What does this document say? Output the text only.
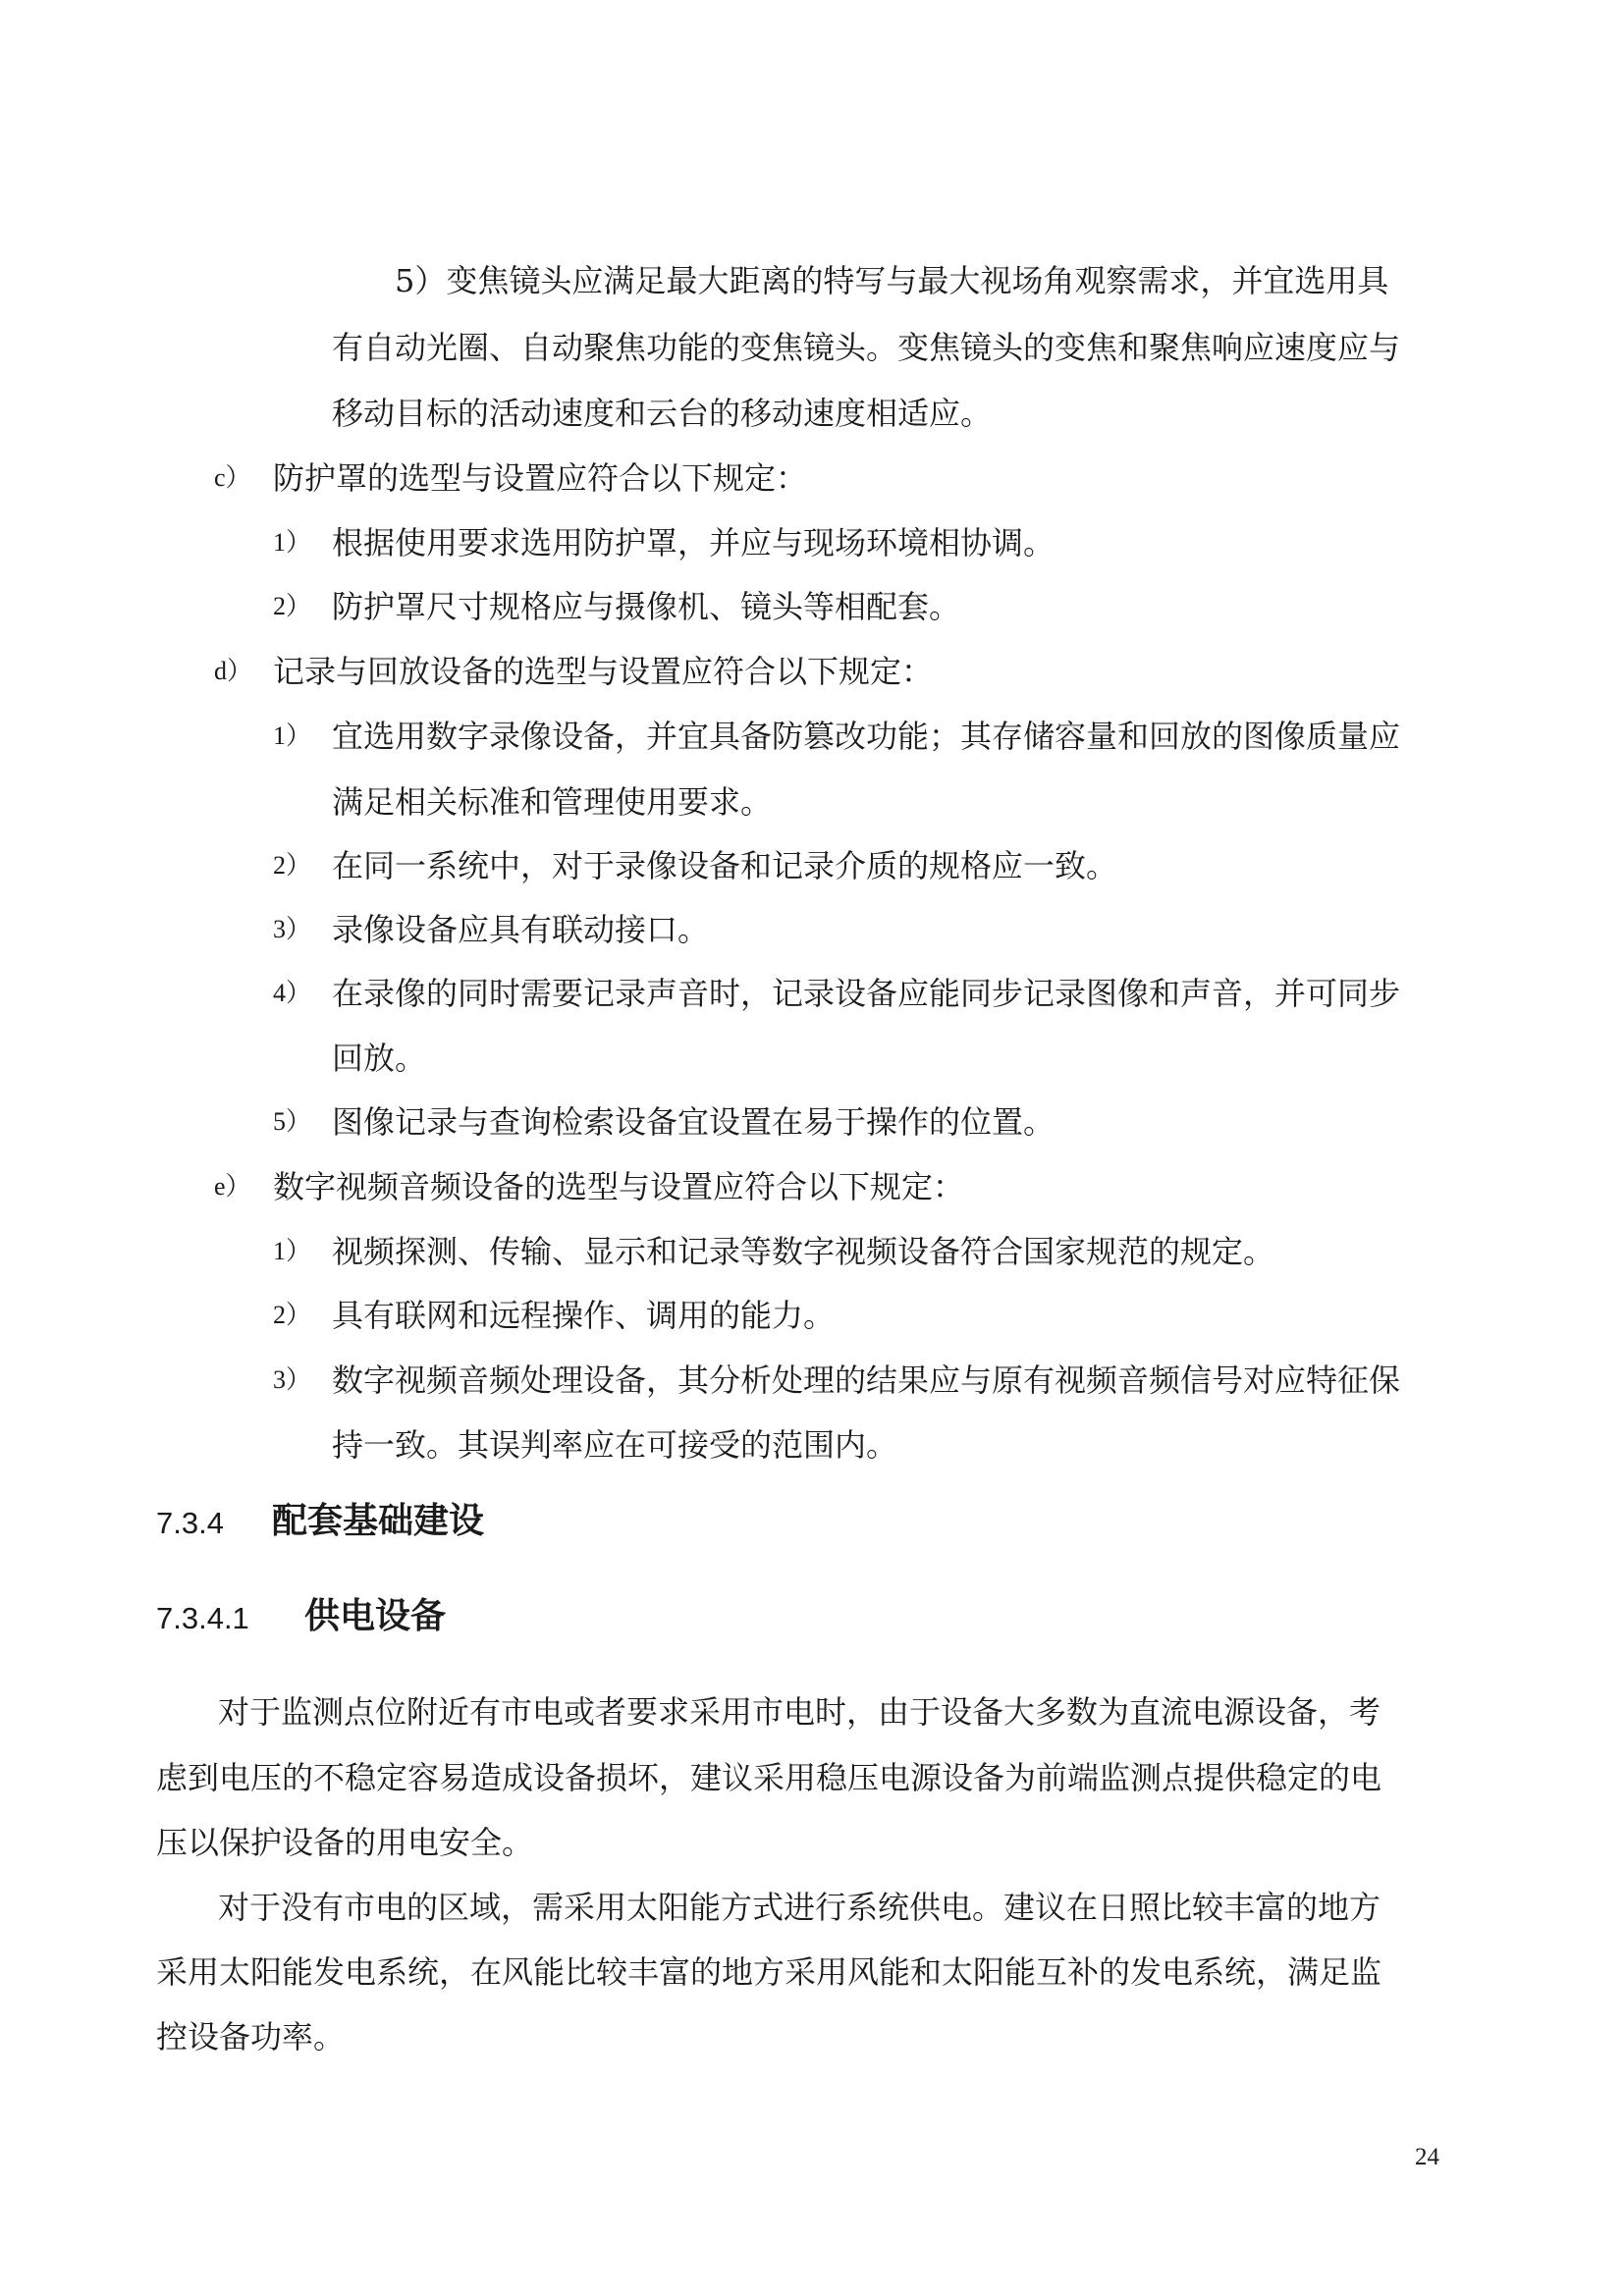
5）变焦镜头应满足最大距离的特写与最大视场角观察需求，并宜选用具
有自动光圈、自动聚焦功能的变焦镜头。变焦镜头的变焦和聚焦响应速度应与
移动目标的活动速度和云台的移动速度相适应。
c） 防护罩的选型与设置应符合以下规定：
1） 根据使用要求选用防护罩，并应与现场环境相协调。
2） 防护罩尺寸规格应与摄像机、镜头等相配套。
d） 记录与回放设备的选型与设置应符合以下规定：
1） 宜选用数字录像设备，并宜具备防篡改功能；其存储容量和回放的图像质量应
满足相关标准和管理使用要求。
2） 在同一系统中，对于录像设备和记录介质的规格应一致。
3） 录像设备应具有联动接口。
4） 在录像的同时需要记录声音时，记录设备应能同步记录图像和声音，并可同步
回放。
5） 图像记录与查询检索设备宜设置在易于操作的位置。
e） 数字视频音频设备的选型与设置应符合以下规定：
1） 视频探测、传输、显示和记录等数字视频设备符合国家规范的规定。
2） 具有联网和远程操作、调用的能力。
3） 数字视频音频处理设备，其分析处理的结果应与原有视频音频信号对应特征保
持一致。其误判率应在可接受的范围内。
7.3.4 配套基础建设
7.3.4.1 供电设备
对于监测点位附近有市电或者要求采用市电时，由于设备大多数为直流电源设备，考
虑到电压的不稳定容易造成设备损坏，建议采用稳压电源设备为前端监测点提供稳定的电
压以保护设备的用电安全。
对于没有市电的区域，需采用太阳能方式进行系统供电。建议在日照比较丰富的地方
采用太阳能发电系统，在风能比较丰富的地方采用风能和太阳能互补的发电系统，满足监
控设备功率。
24
